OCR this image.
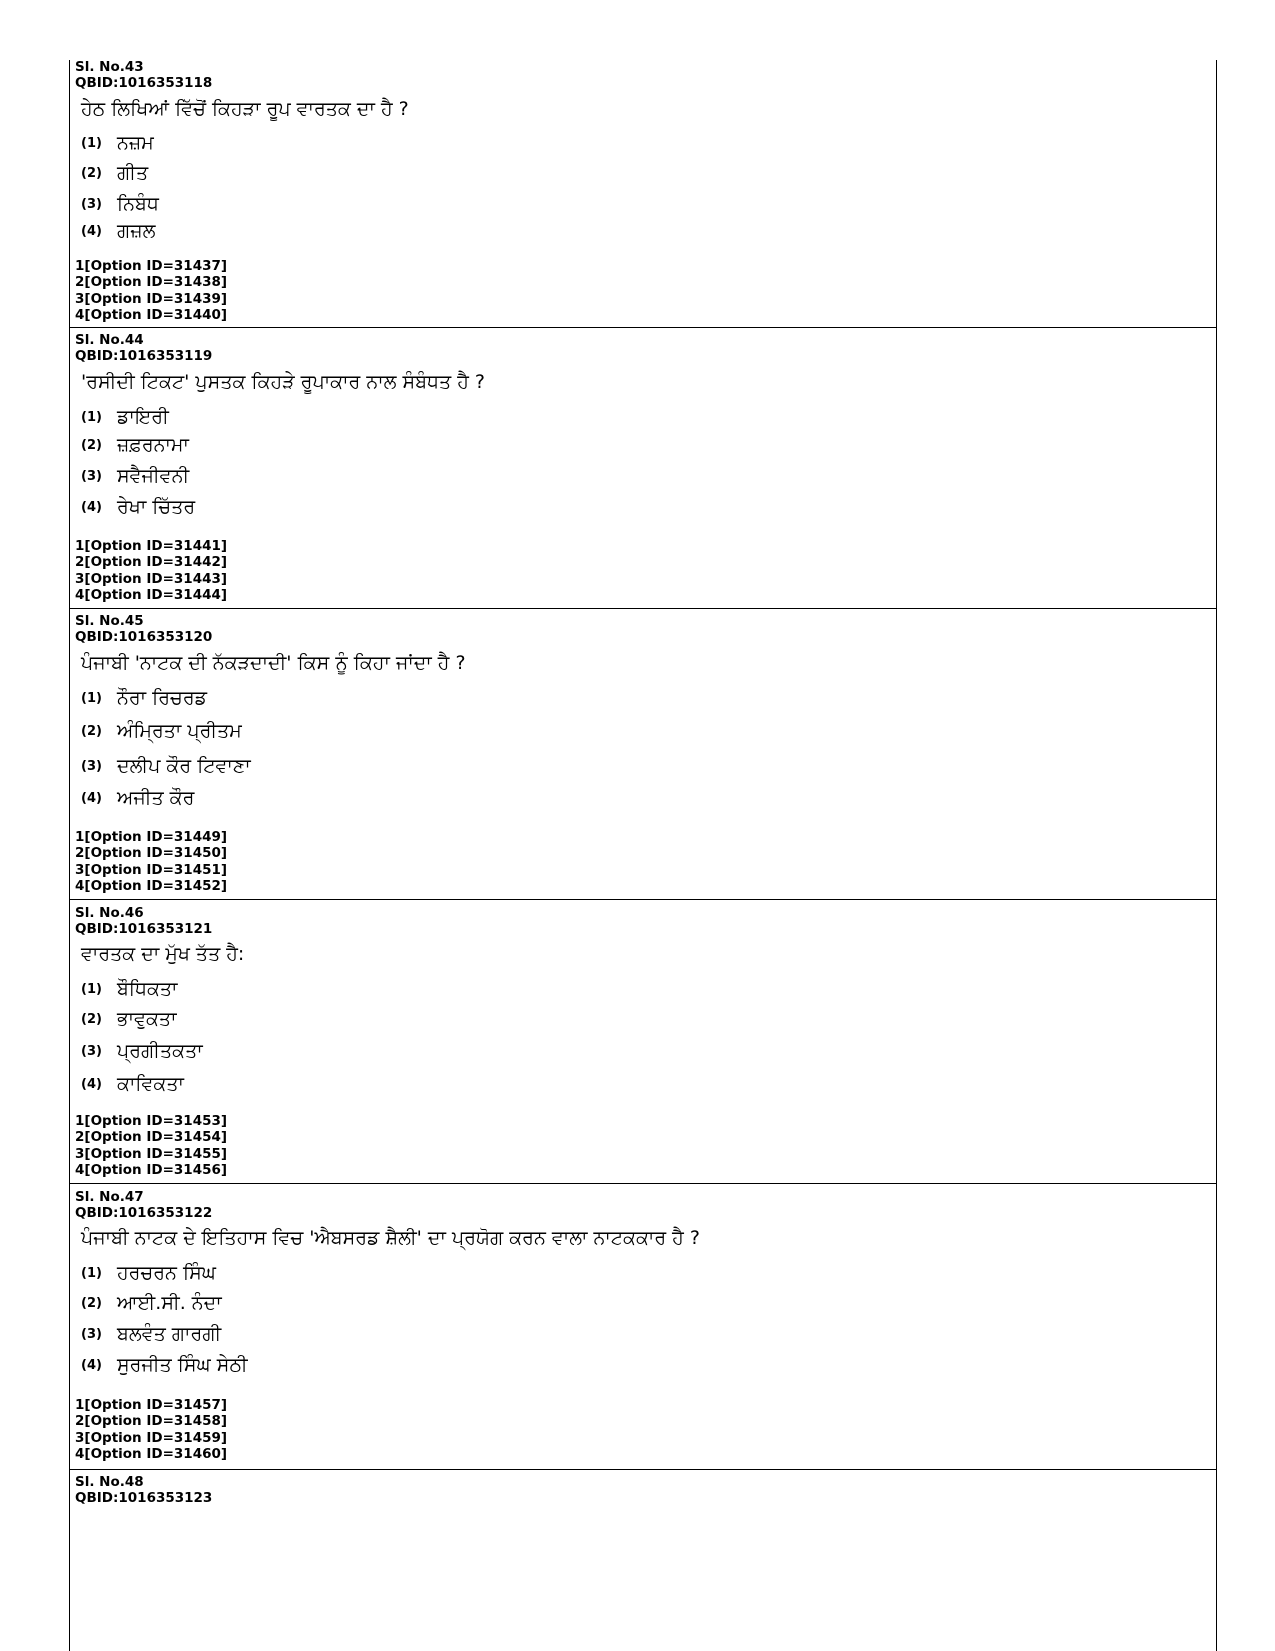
Sl. No.43
QBID:1016353118
ਹੇਠ ਲਿਖਿਆਂ ਵਿੱਚੋਂ ਕਿਹੜਾ ਰੂਪ ਵਾਰਤਕ ਦਾ ਹੈ ?
(1) ਨਜ਼ਮ
(2) ਗੀਤ
(3) ਨਿਬੰਧ
(4) ਗਜ਼ਲ
1[Option ID=31437]
2[Option ID=31438]
3[Option ID=31439]
4[Option ID=31440]
Sl. No.44
QBID:1016353119
'ਰਸੀਦੀ ਟਿਕਟ' ਪੁਸਤਕ ਕਿਹੜੇ ਰੂਪਾਕਾਰ ਨਾਲ ਸੰਬੰਧਤ ਹੈ ?
(1) ਡਾਇਰੀ
(2) ਜ਼ਫ਼ਰਨਾਮਾ
(3) ਸਵੈਜੀਵਨੀ
(4) ਰੇਖਾ ਚਿੱਤਰ
1[Option ID=31441]
2[Option ID=31442]
3[Option ID=31443]
4[Option ID=31444]
Sl. No.45
QBID:1016353120
ਪੰਜਾਬੀ 'ਨਾਟਕ ਦੀ ਨੱਕੜਦਾਦੀ' ਕਿਸ ਨੂੰ ਕਿਹਾ ਜਾਂਦਾ ਹੈ ?
(1) ਨੌਰਾ ਰਿਚਰਡ
(2) ਅੰਮ੍ਰਿਤਾ ਪ੍ਰੀਤਮ
(3) ਦਲੀਪ ਕੌਰ ਟਿਵਾਣਾ
(4) ਅਜੀਤ ਕੌਰ
1[Option ID=31449]
2[Option ID=31450]
3[Option ID=31451]
4[Option ID=31452]
Sl. No.46
QBID:1016353121
ਵਾਰਤਕ ਦਾ ਮੁੱਖ ਤੱਤ ਹੈ:
(1) ਬੌਧਿਕਤਾ
(2) ਭਾਵੁਕਤਾ
(3) ਪ੍ਰਗੀਤਕਤਾ
(4) ਕਾਵਿਕਤਾ
1[Option ID=31453]
2[Option ID=31454]
3[Option ID=31455]
4[Option ID=31456]
Sl. No.47
QBID:1016353122
ਪੰਜਾਬੀ ਨਾਟਕ ਦੇ ਇਤਿਹਾਸ ਵਿਚ 'ਐਬਸਰਡ ਸ਼ੈਲੀ' ਦਾ ਪ੍ਰਯੋਗ ਕਰਨ ਵਾਲਾ ਨਾਟਕਕਾਰ ਹੈ ?
(1) ਹਰਚਰਨ ਸਿੰਘ
(2) ਆਈ.ਸੀ. ਨੰਦਾ
(3) ਬਲਵੰਤ ਗਾਰਗੀ
(4) ਸੁਰਜੀਤ ਸਿੰਘ ਸੇਠੀ
1[Option ID=31457]
2[Option ID=31458]
3[Option ID=31459]
4[Option ID=31460]
Sl. No.48
QBID:1016353123
